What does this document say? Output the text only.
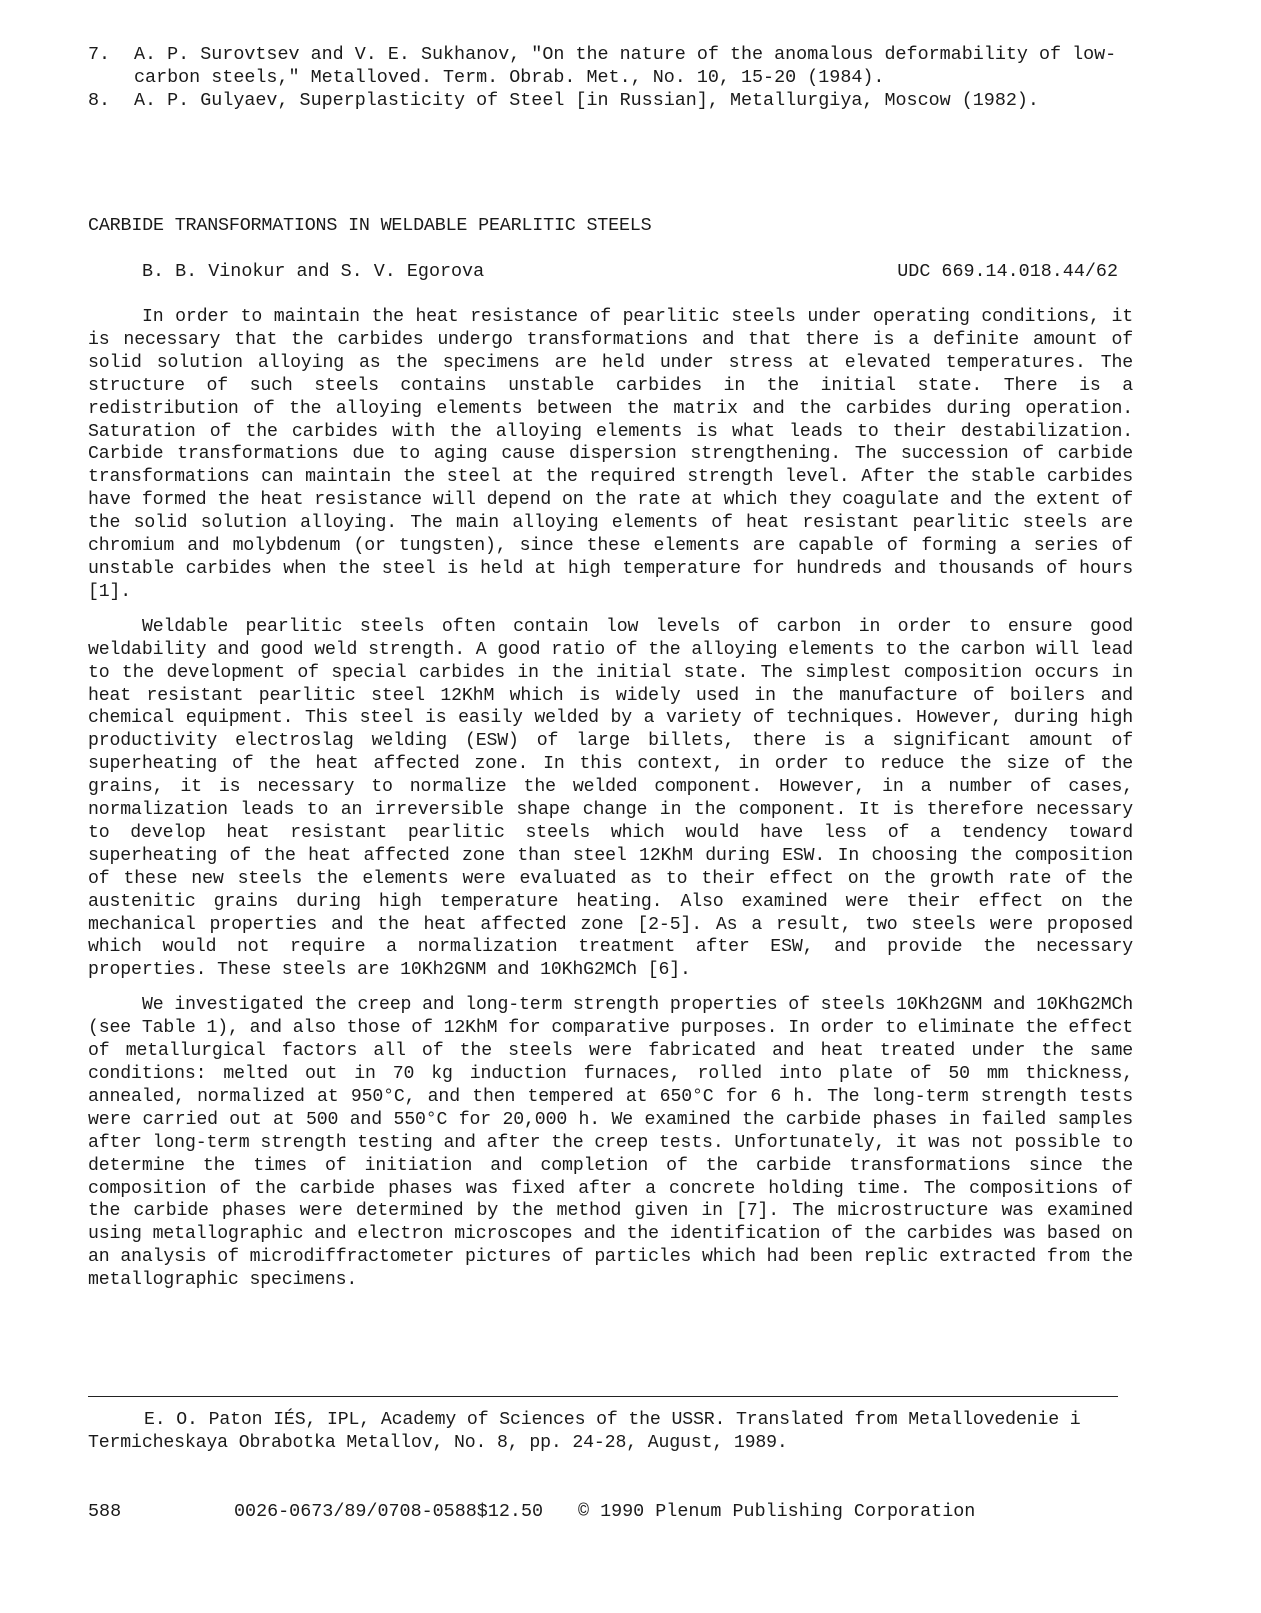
7.	A. P. Surovtsev and V. E. Sukhanov, "On the nature of the anomalous deformability of low-carbon steels," Metalloved. Term. Obrab. Met., No. 10, 15-20 (1984).
8.	A. P. Gulyaev, Superplasticity of Steel [in Russian], Metallurgiya, Moscow (1982).
CARBIDE TRANSFORMATIONS IN WELDABLE PEARLITIC STEELS
B. B. Vinokur and S. V. Egorova	UDC 669.14.018.44/62

In order to maintain the heat resistance of pearlitic steels under operating conditions, it is necessary that the carbides undergo transformations and that there is a definite amount of solid solution alloying as the specimens are held under stress at elevated temperatures. The structure of such steels contains unstable carbides in the initial state. There is a redistribution of the alloying elements between the matrix and the carbides during operation. Saturation of the carbides with the alloying elements is what leads to their destabilization. Carbide transformations due to aging cause dispersion strengthening. The succession of carbide transformations can maintain the steel at the required strength level. After the stable carbides have formed the heat resistance will depend on the rate at which they coagulate and the extent of the solid solution alloying. The main alloying elements of heat resistant pearlitic steels are chromium and molybdenum (or tungsten), since these elements are capable of forming a series of unstable carbides when the steel is held at high temperature for hundreds and thousands of hours [1].

Weldable pearlitic steels often contain low levels of carbon in order to ensure good weldability and good weld strength. A good ratio of the alloying elements to the carbon will lead to the development of special carbides in the initial state. The simplest composition occurs in heat resistant pearlitic steel 12KhM which is widely used in the manufacture of boilers and chemical equipment. This steel is easily welded by a variety of techniques. However, during high productivity electroslag welding (ESW) of large billets, there is a significant amount of superheating of the heat affected zone. In this context, in order to reduce the size of the grains, it is necessary to normalize the welded component. However, in a number of cases, normalization leads to an irreversible shape change in the component. It is therefore necessary to develop heat resistant pearlitic steels which would have less of a tendency toward superheating of the heat affected zone than steel 12KhM during ESW. In choosing the composition of these new steels the elements were evaluated as to their effect on the growth rate of the austenitic grains during high temperature heating. Also examined were their effect on the mechanical properties and the heat affected zone [2-5]. As a result, two steels were proposed which would not require a normalization treatment after ESW, and provide the necessary properties. These steels are 10Kh2GNM and 10KhG2MCh [6].

We investigated the creep and long-term strength properties of steels 10Kh2GNM and 10KhG2MCh (see Table 1), and also those of 12KhM for comparative purposes. In order to eliminate the effect of metallurgical factors all of the steels were fabricated and heat treated under the same conditions: melted out in 70 kg induction furnaces, rolled into plate of 50 mm thickness, annealed, normalized at 950°C, and then tempered at 650°C for 6 h. The long-term strength tests were carried out at 500 and 550°C for 20,000 h. We examined the carbide phases in failed samples after long-term strength testing and after the creep tests. Unfortunately, it was not possible to determine the times of initiation and completion of the carbide transformations since the composition of the carbide phases was fixed after a concrete holding time. The compositions of the carbide phases were determined by the method given in [7]. The microstructure was examined using metallographic and electron microscopes and the identification of the carbides was based on an analysis of microdiffractometer pictures of particles which had been replic extracted from the metallographic specimens.

E. O. Paton IÉS, IPL, Academy of Sciences of the USSR. Translated from Metallovedenie i Termicheskaya Obrabotka Metallov, No. 8, pp. 24-28, August, 1989.
588	0026-0673/89/0708-0588$12.50 © 1990 Plenum Publishing Corporation
